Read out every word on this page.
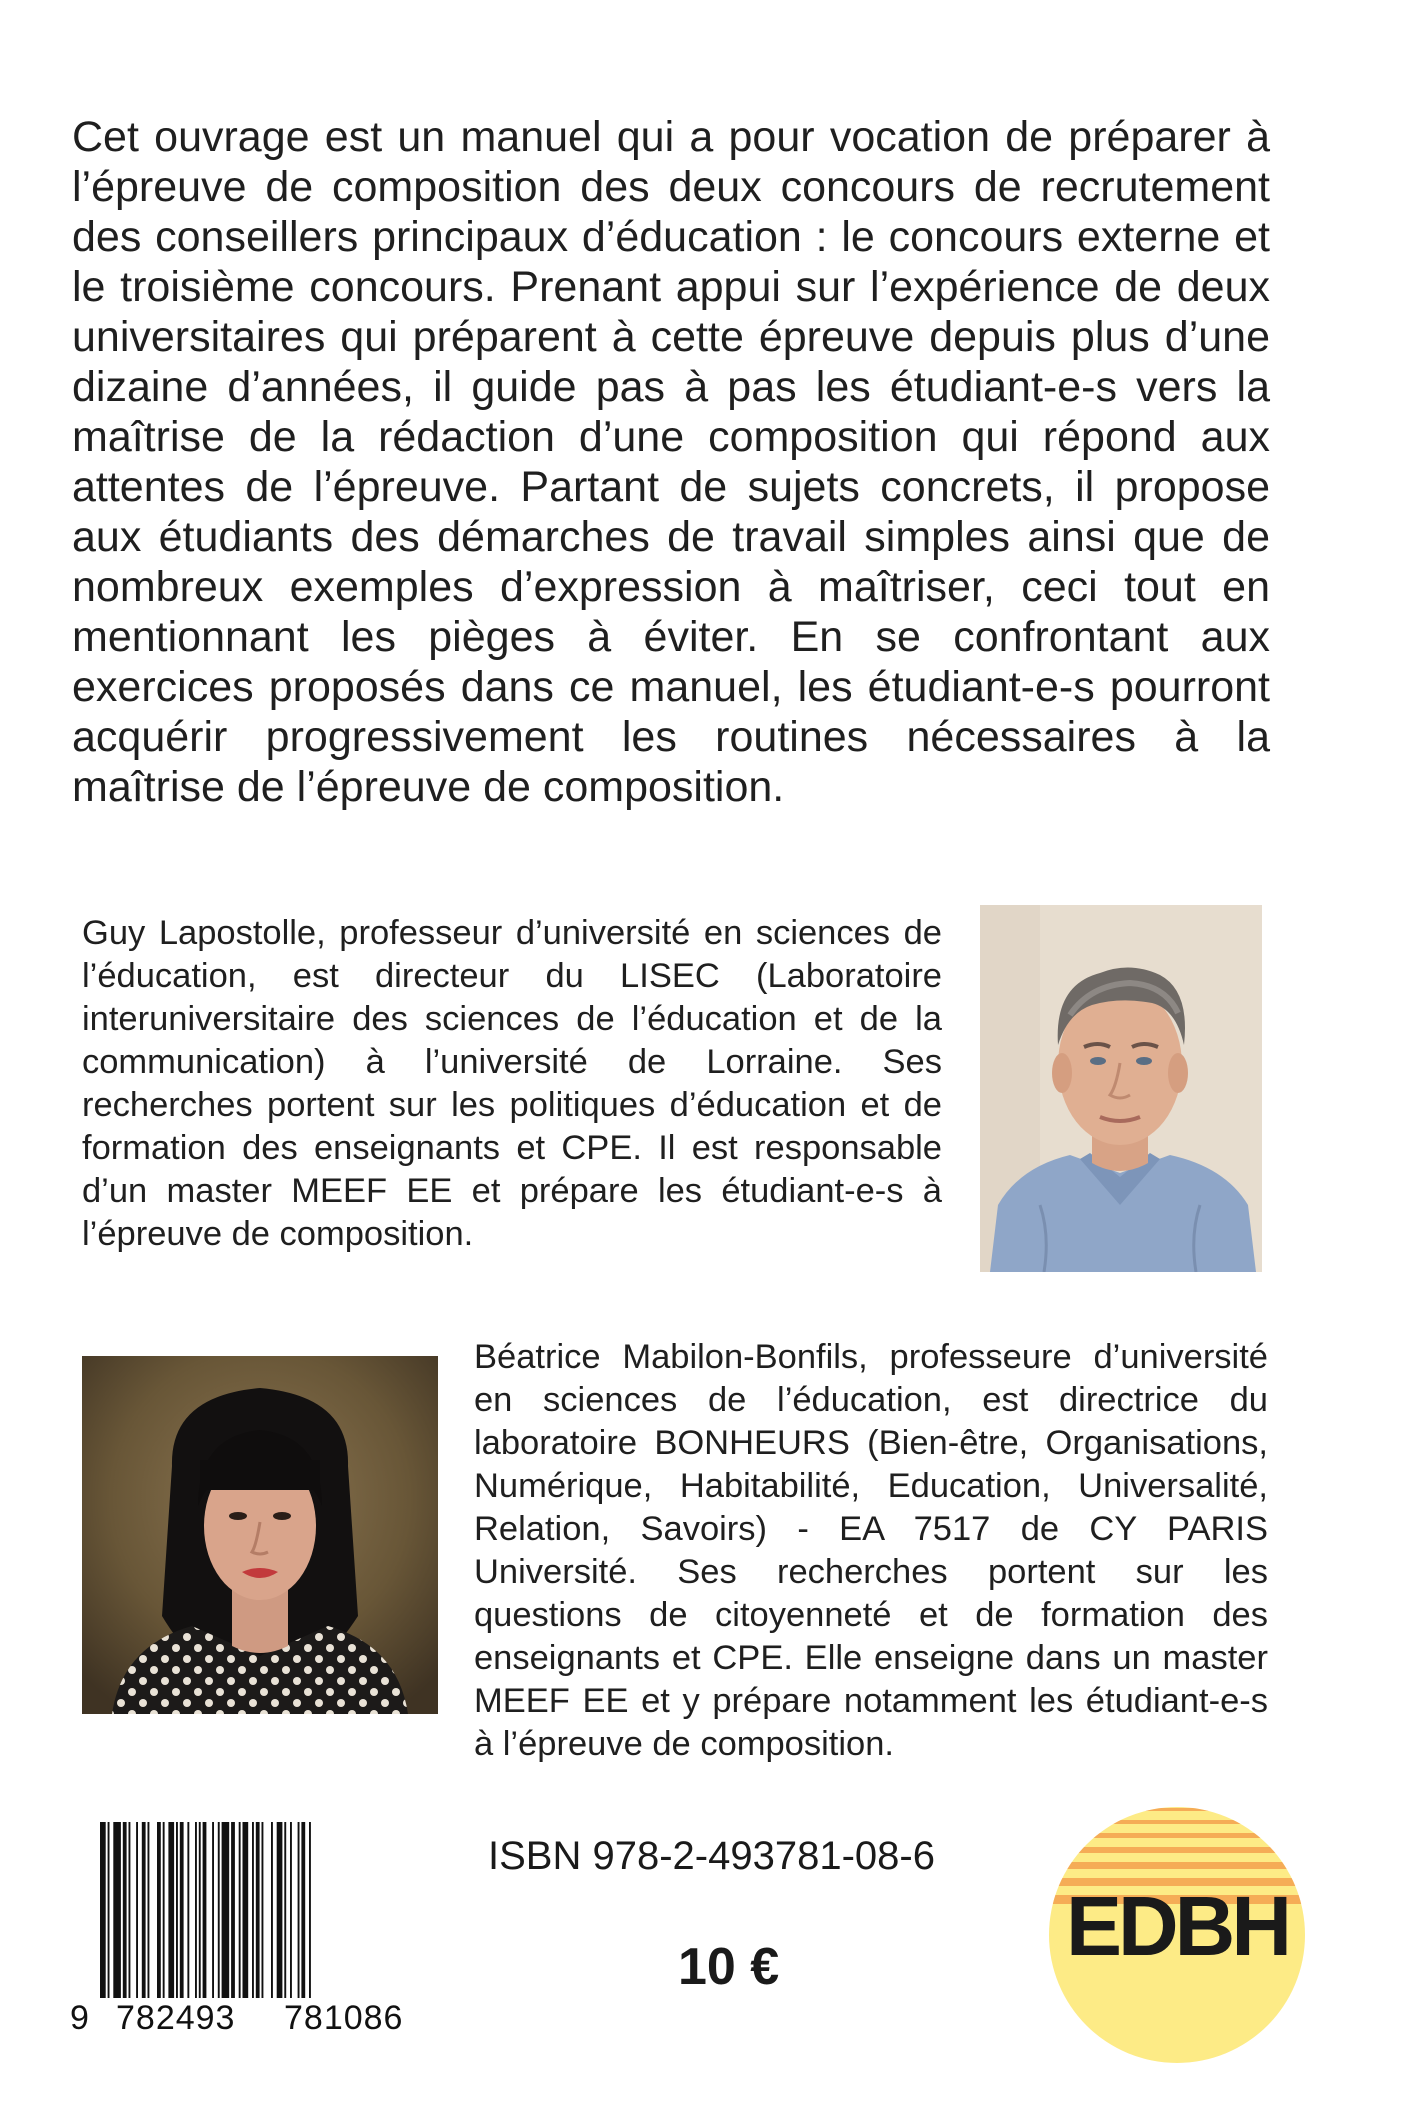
Cet ouvrage est un manuel qui a pour vocation de préparer à l’épreuve de composition des deux concours de recrutement des conseillers principaux d’éducation : le concours externe et le troisième concours. Prenant appui sur l’expérience de deux universitaires qui préparent à cette épreuve depuis plus d’une dizaine d’années, il guide pas à pas les étudiant-e-s vers la maîtrise de la rédaction d’une composition qui répond aux attentes de l’épreuve. Partant de sujets concrets, il propose aux étudiants des démarches de travail simples ainsi que de nombreux exemples d’expression à maîtriser, ceci tout en mentionnant les pièges à éviter. En se confrontant aux exercices proposés dans ce manuel, les étudiant-e-s pourront acquérir progressivement les routines nécessaires à la maîtrise de l’épreuve de composition.

Guy Lapostolle, professeur d’université en sciences de l’éducation, est directeur du LISEC (Laboratoire interuniversitaire des sciences de l’éducation et de la communication) à l’université de Lorraine. Ses recherches portent sur les politiques d’éducation et de formation des enseignants et CPE. Il est responsable d’un master MEEF EE et prépare les étudiant-e-s à l’épreuve de composition.

Béatrice Mabilon-Bonfils, professeure d’université en sciences de l’éducation, est directrice du laboratoire BONHEURS (Bien-être, Organisations, Numérique, Habitabilité, Education, Universalité, Relation, Savoirs) - EA 7517 de CY PARIS Université. Ses recherches portent sur les questions de citoyenneté et de formation des enseignants et CPE. Elle enseigne dans un master MEEF EE et y prépare notamment les étudiant-e-s à l’épreuve de composition.

9 782493 781086
ISBN 978-2-493781-08-6
10 €	EDBH
